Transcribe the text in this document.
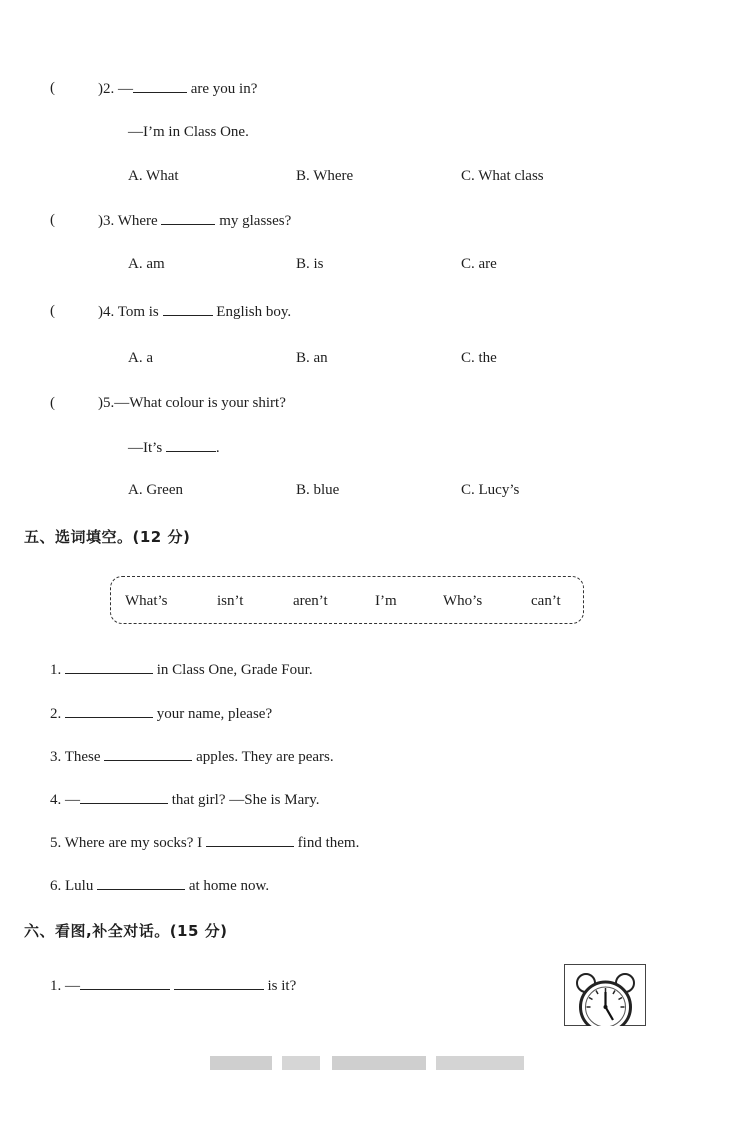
(	)2. —	are you in?
—I’m in Class One.
A. What	B. Where	C. What class
(	)3. Where	my glasses?
A. am	B. is	C. are
(	)4. Tom is	English boy.
A. a	B. an	C. the
(	)5.—What colour is your shirt?
—It’s	.
A. Green	B. blue	C. Lucy’s
五、选词填空。(12 分)
What’s	isn’t	aren’t	I’m	Who’s	can’t
1.	in Class One, Grade Four.
2.	your name, please?
3. These	apples. They are pears.
4. —	that girl? —She is Mary.
5. Where are my socks? I	find them.
6. Lulu	at home now.
六、看图,补全对话。(15 分)
1. —	is it?
